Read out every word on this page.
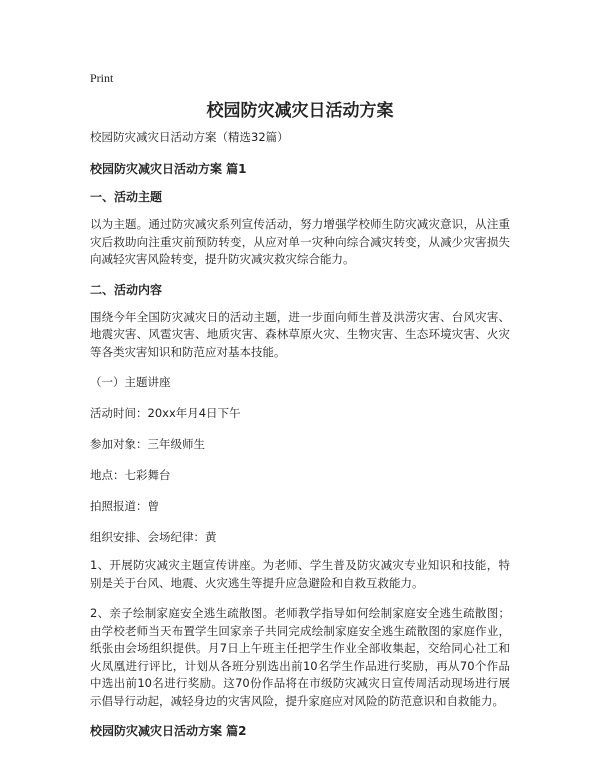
Print
校园防灾减灾日活动方案
校园防灾减灾日活动方案（精选32篇）
校园防灾减灾日活动方案 篇1
一、活动主题
以为主题。通过防灾减灾系列宣传活动，努力增强学校师生防灾减灾意识，从注重灾后救助向注重灾前预防转变，从应对单一灾种向综合减灾转变，从减少灾害损失向减轻灾害风险转变，提升防灾减灾救灾综合能力。
二、活动内容
围绕今年全国防灾减灾日的活动主题，进一步面向师生普及洪涝灾害、台风灾害、地震灾害、风雹灾害、地质灾害、森林草原火灾、生物灾害、生态环境灾害、火灾等各类灾害知识和防范应对基本技能。
（一）主题讲座
活动时间：20xx年月4日下午
参加对象：三年级师生
地点：七彩舞台
拍照报道：曾
组织安排、会场纪律：黄
1、开展防灾减灾主题宣传讲座。为老师、学生普及防灾减灾专业知识和技能，特别是关于台风、地震、火灾逃生等提升应急避险和自救互救能力。
2、亲子绘制家庭安全逃生疏散图。老师教学指导如何绘制家庭安全逃生疏散图；由学校老师当天布置学生回家亲子共同完成绘制家庭安全逃生疏散图的家庭作业，纸张由会场组织提供。月7日上午班主任把学生作业全部收集起，交给同心社工和火凤凰进行评比，计划从各班分别选出前10名学生作品进行奖励，再从70个作品中选出前10名进行奖励。这70份作品将在市级防灾减灾日宣传周活动现场进行展示倡导行动起，减轻身边的灾害风险，提升家庭应对风险的防范意识和自救能力。
校园防灾减灾日活动方案 篇2
